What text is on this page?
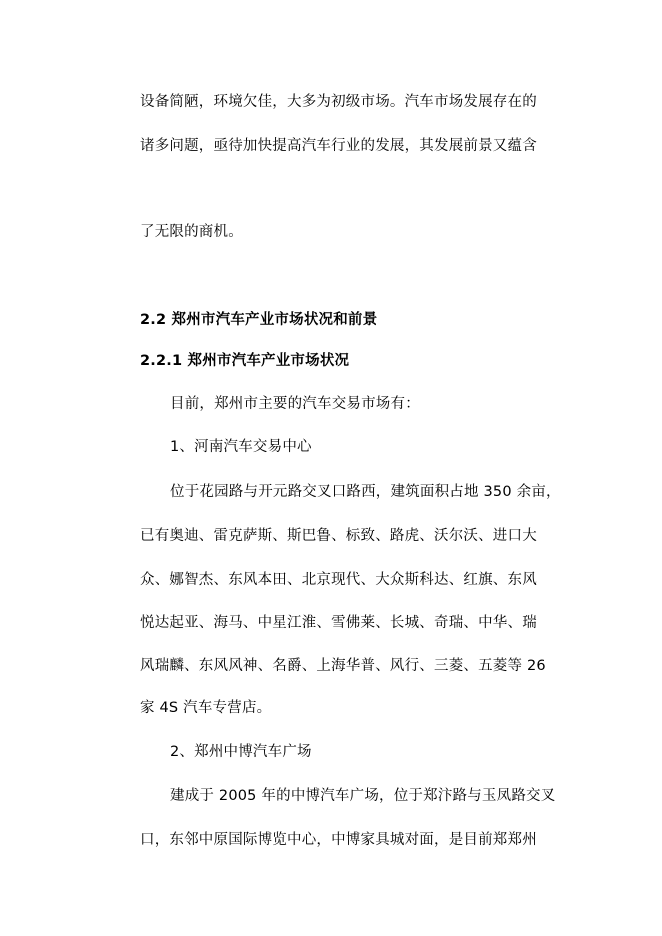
设备简陋，环境欠佳，大多为初级市场。汽车市场发展存在的
诸多问题，亟待加快提高汽车行业的发展，其发展前景又蕴含
了无限的商机。
2.2 郑州市汽车产业市场状况和前景
2.2.1 郑州市汽车产业市场状况
目前，郑州市主要的汽车交易市场有：
1、河南汽车交易中心
位于花园路与开元路交叉口路西，建筑面积占地 350 余亩，
已有奥迪、雷克萨斯、斯巴鲁、标致、路虎、沃尔沃、进口大
众、娜智杰、东风本田、北京现代、大众斯科达、红旗、东风
悦达起亚、海马、中星江淮、雪佛莱、长城、奇瑞、中华、瑞
风瑞麟、东风风神、名爵、上海华普、风行、三菱、五菱等 26
家 4S 汽车专营店。
2、郑州中博汽车广场
建成于 2005 年的中博汽车广场，位于郑汴路与玉凤路交叉
口，东邻中原国际博览中心，中博家具城对面，是目前郑郑州
